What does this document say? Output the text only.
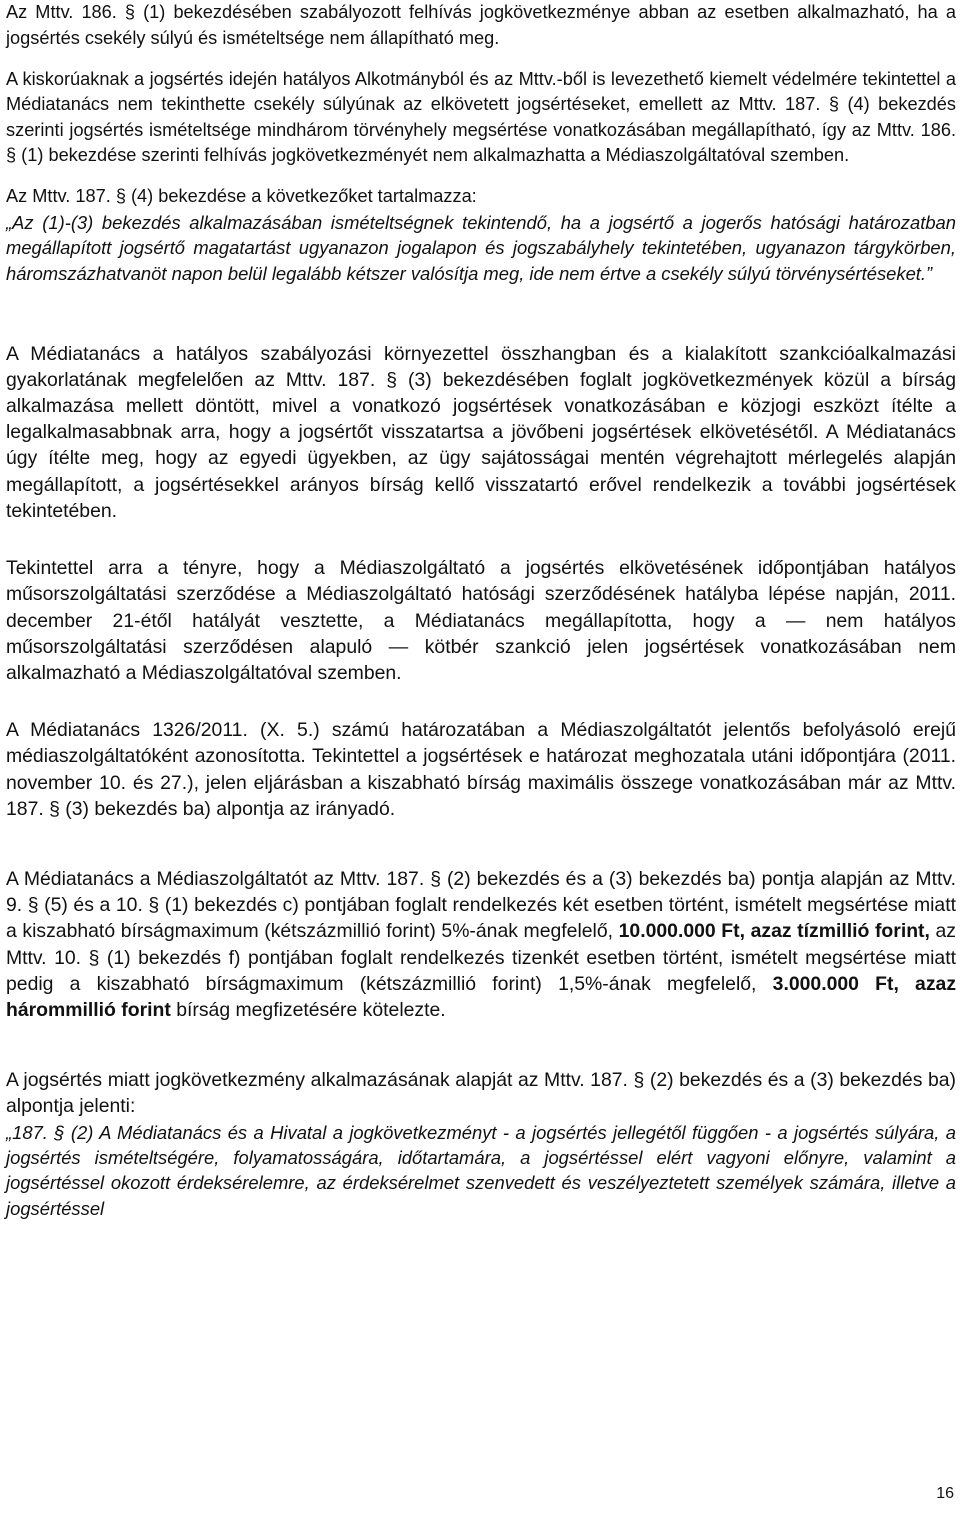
Az Mttv. 186. § (1) bekezdésében szabályozott felhívás jogkövetkezménye abban az esetben alkalmazható, ha a jogsértés csekély súlyú és ismételtsége nem állapítható meg.

A kiskorúaknak a jogsértés idején hatályos Alkotmányból és az Mttv.-ből is levezethető kiemelt védelmére tekintettel a Médiatanács nem tekinthette csekély súlyúnak az elkövetett jogsértéseket, emellett az Mttv. 187. § (4) bekezdés szerinti jogsértés ismételtsége mindhárom törvényhely megsértése vonatkozásában megállapítható, így az Mttv. 186. § (1) bekezdése szerinti felhívás jogkövetkezményét nem alkalmazhatta a Médiaszolgáltatóval szemben.

Az Mttv. 187. § (4) bekezdése a következőket tartalmazza:

„Az (1)-(3) bekezdés alkalmazásában ismételtségnek tekintendő, ha a jogsértő a jogerős hatósági határozatban megállapított jogsértő magatartást ugyanazon jogalapon és jogszabályhely tekintetében, ugyanazon tárgykörben, háromszázhatvanöt napon belül legalább kétszer valósítja meg, ide nem értve a csekély súlyú törvénysértéseket.”

A Médiatanács a hatályos szabályozási környezettel összhangban és a kialakított szankcióalkalmazási gyakorlatának megfelelően az Mttv. 187. § (3) bekezdésében foglalt jogkövetkezmények közül a bírság alkalmazása mellett döntött, mivel a vonatkozó jogsértések vonatkozásában e közjogi eszközt ítélte a legalkalmasabbnak arra, hogy a jogsértőt visszatartsa a jövőbeni jogsértések elkövetésétől. A Médiatanács úgy ítélte meg, hogy az egyedi ügyekben, az ügy sajátosságai mentén végrehajtott mérlegelés alapján megállapított, a jogsértésekkel arányos bírság kellő visszatartó erővel rendelkezik a további jogsértések tekintetében.

Tekintettel arra a tényre, hogy a Médiaszolgáltató a jogsértés elkövetésének időpontjában hatályos műsorszolgáltatási szerződése a Médiaszolgáltató hatósági szerződésének hatályba lépése napján, 2011. december 21-étől hatályát vesztette, a Médiatanács megállapította, hogy a — nem hatályos műsorszolgáltatási szerződésen alapuló — kötbér szankció jelen jogsértések vonatkozásában nem alkalmazható a Médiaszolgáltatóval szemben.

A Médiatanács 1326/2011. (X. 5.) számú határozatában a Médiaszolgáltatót jelentős befolyásoló erejű médiaszolgáltatóként azonosította. Tekintettel a jogsértések e határozat meghozatala utáni időpontjára (2011. november 10. és 27.), jelen eljárásban a kiszabható bírság maximális összege vonatkozásában már az Mttv. 187. § (3) bekezdés ba) alpontja az irányadó.

A Médiatanács a Médiaszolgáltatót az Mttv. 187. § (2) bekezdés és a (3) bekezdés ba) pontja alapján az Mttv. 9. § (5) és a 10. § (1) bekezdés c) pontjában foglalt rendelkezés két esetben történt, ismételt megsértése miatt a kiszabható bírságmaximum (kétszázmillió forint) 5%-ának megfelelő, 10.000.000 Ft, azaz tízmillió forint, az Mttv. 10. § (1) bekezdés f) pontjában foglalt rendelkezés tizenkét esetben történt, ismételt megsértése miatt pedig a kiszabható bírságmaximum (kétszázmillió forint) 1,5%-ának megfelelő, 3.000.000 Ft, azaz hárommillió forint bírság megfizetésére kötelezte.

A jogsértés miatt jogkövetkezmény alkalmazásának alapját az Mttv. 187. § (2) bekezdés és a (3) bekezdés ba) alpontja jelenti:

„187. § (2) A Médiatanács és a Hivatal a jogkövetkezményt - a jogsértés jellegétől függően - a jogsértés súlyára, a jogsértés ismételtségére, folyamatosságára, időtartamára, a jogsértéssel elért vagyoni előnyre, valamint a jogsértéssel okozott érdeksérelemre, az érdeksérelmet szenvedett és veszélyeztetett személyek számára, illetve a jogsértéssel

16
